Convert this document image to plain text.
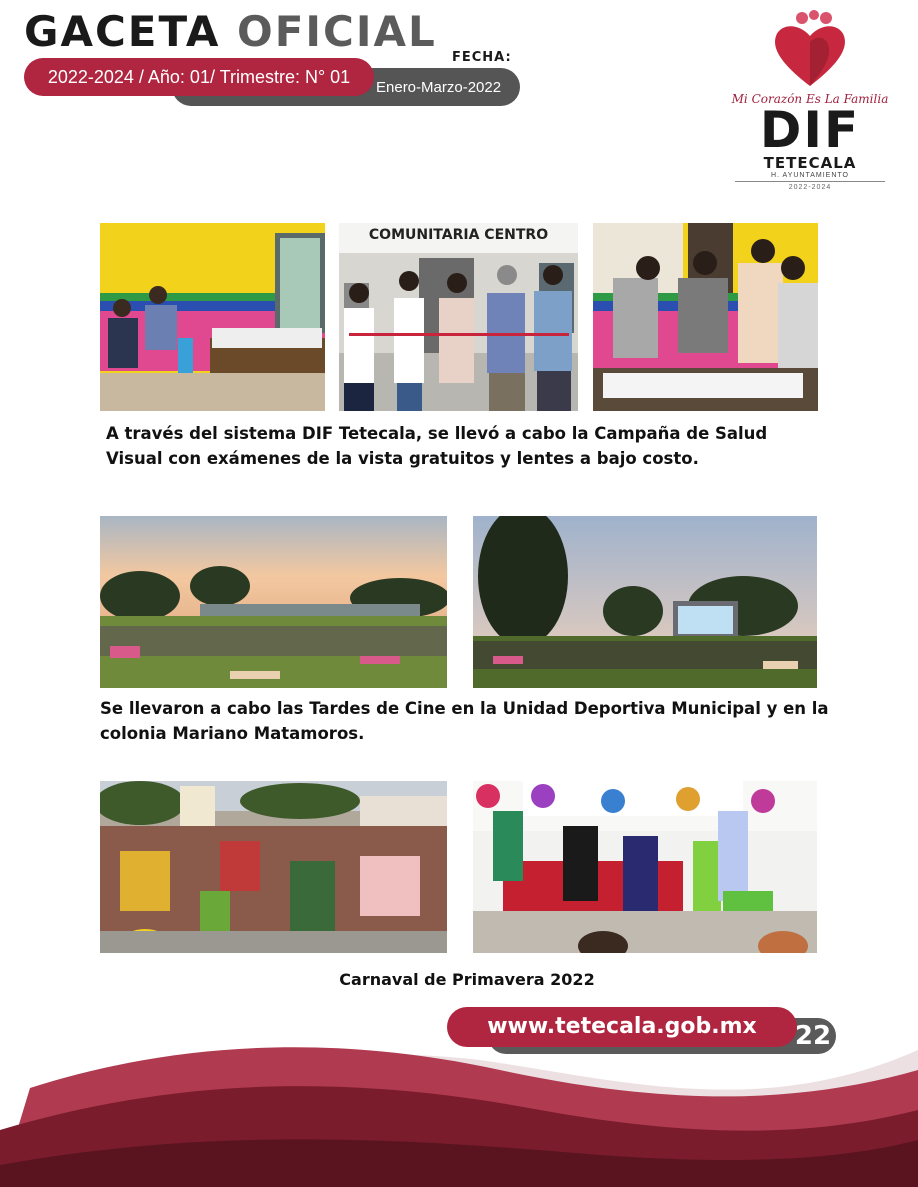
GACETA OFICIAL
FECHA:
Enero-Marzo-2022
2022-2024 / Año: 01/ Trimestre: N° 01
Mi Corazón Es La Familia
DIF
TETECALA
H. AYUNTAMIENTO
2022-2024
COMUNITARIA CENTRO
A través del sistema DIF Tetecala, se llevó a cabo la Campaña de Salud Visual con exámenes de la vista gratuitos y lentes a bajo costo.
Se llevaron a cabo las Tardes de Cine en la Unidad Deportiva Municipal y en la colonia Mariano Matamoros.
Carnaval de Primavera 2022
www.tetecala.gob.mx	22
